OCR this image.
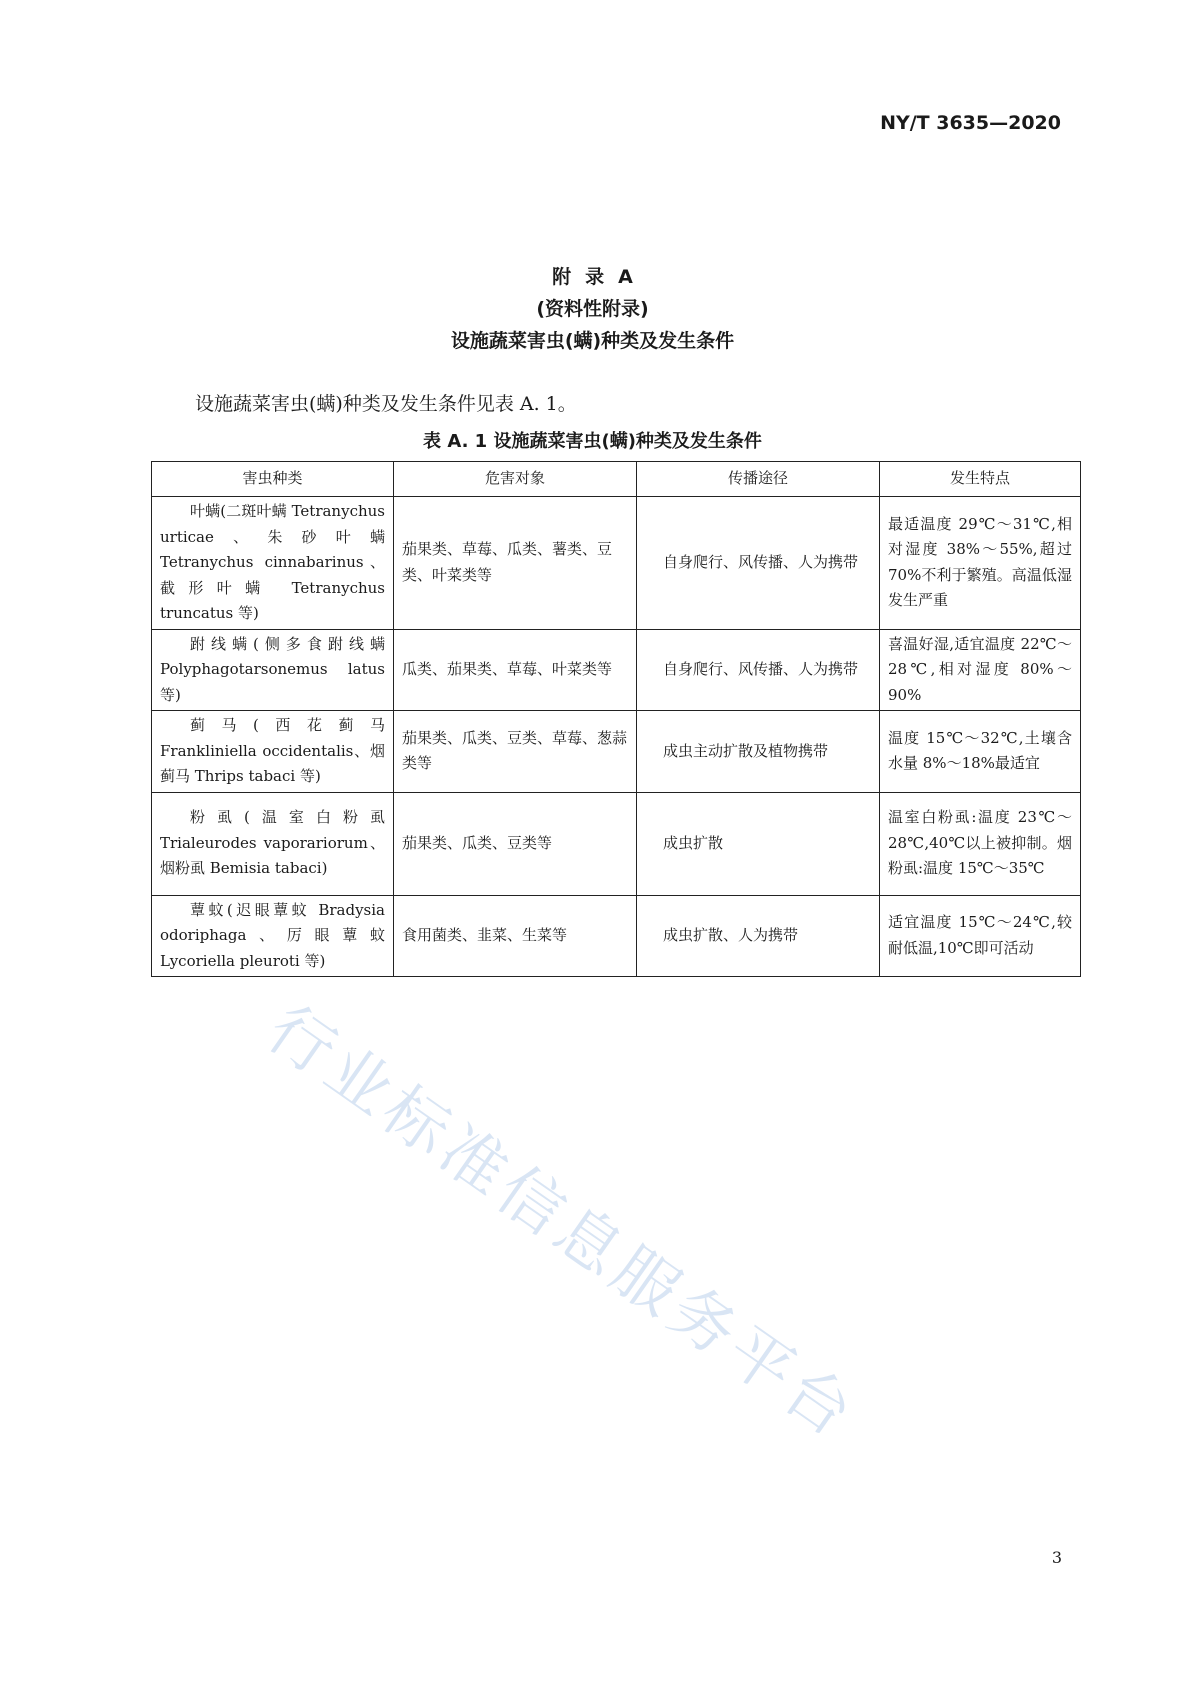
NY/T 3635—2020
附录A
(资料性附录)
设施蔬菜害虫(螨)种类及发生条件
设施蔬菜害虫(螨)种类及发生条件见表 A. 1。
表 A. 1 设施蔬菜害虫(螨)种类及发生条件
害虫种类	危害对象	传播途径	发生特点
叶螨(二斑叶螨 Tetranychus urticae、朱砂叶螨 Tetranychus cinnabarinus、截形叶螨 Tetranychus truncatus 等)	茄果类、草莓、瓜类、薯类、豆类、叶菜类等	自身爬行、风传播、人为携带	最适温度 29℃～31℃,相对湿度 38%～55%,超过 70%不利于繁殖。高温低湿发生严重
跗线螨(侧多食跗线螨 Polyphagotarsonemus latus 等)	瓜类、茄果类、草莓、叶菜类等	自身爬行、风传播、人为携带	喜温好湿,适宜温度 22℃～28℃,相对湿度 80%～90%
蓟马(西花蓟马 Frankliniella occidentalis、烟蓟马 Thrips tabaci 等)	茄果类、瓜类、豆类、草莓、葱蒜类等	成虫主动扩散及植物携带	温度 15℃～32℃,土壤含水量 8%～18%最适宜
粉虱(温室白粉虱 Trialeurodes vaporariorum、烟粉虱 Bemisia tabaci)	茄果类、瓜类、豆类等	成虫扩散	温室白粉虱:温度 23℃～28℃,40℃以上被抑制。烟粉虱:温度 15℃～35℃
蕈蚊(迟眼蕈蚊 Bradysia odoriphaga、厉眼蕈蚊 Lycoriella pleuroti 等)	食用菌类、韭菜、生菜等	成虫扩散、人为携带	适宜温度 15℃～24℃,较耐低温,10℃即可活动
行业标准信息服务平台
3
